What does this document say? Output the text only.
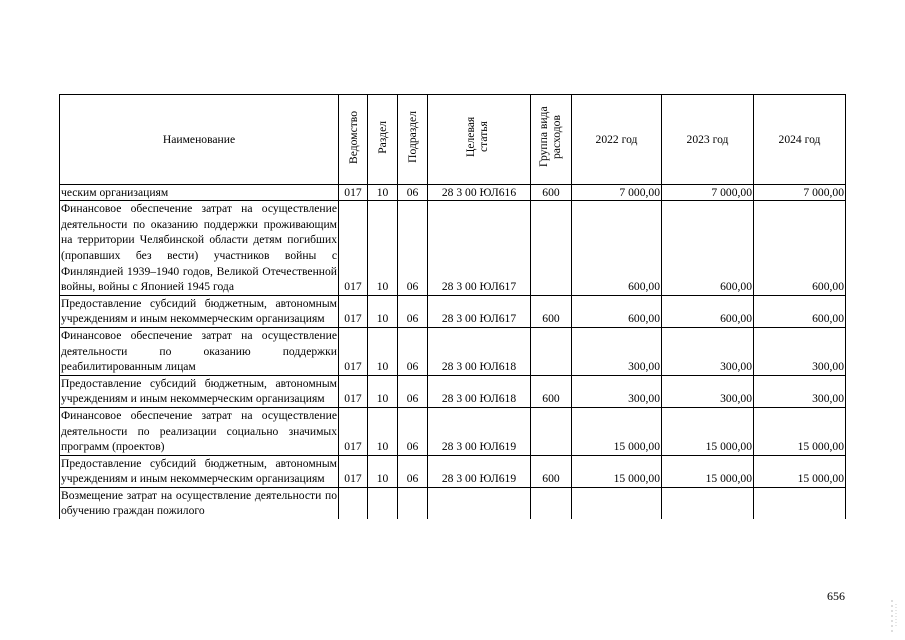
Наименование	Ведомство	Раздел	Подраздел	Целевая статья	Группа вида расходов	2022 год	2023 год	2024 год
ческим организациям	017	10	06	28 3 00 ЮЛ616	600	7 000,00	7 000,00	7 000,00
Финансовое обеспечение затрат на осуществление деятельности по оказанию поддержки проживающим на территории Челябинской области детям погибших (пропавших без вести) участников войны с Финляндией 1939–1940 годов, Великой Отечественной войны, войны с Японией 1945 года	017	10	06	28 3 00 ЮЛ617		600,00	600,00	600,00
Предоставление субсидий бюджетным, автономным учреждениям и иным некоммерческим организациям	017	10	06	28 3 00 ЮЛ617	600	600,00	600,00	600,00
Финансовое обеспечение затрат на осуществление деятельности по оказанию поддержки реабилитированным лицам	017	10	06	28 3 00 ЮЛ618		300,00	300,00	300,00
Предоставление субсидий бюджетным, автономным учреждениям и иным некоммерческим организациям	017	10	06	28 3 00 ЮЛ618	600	300,00	300,00	300,00
Финансовое обеспечение затрат на осуществление деятельности по реализации социально значимых программ (проектов)	017	10	06	28 3 00 ЮЛ619		15 000,00	15 000,00	15 000,00
Предоставление субсидий бюджетным, автономным учреждениям и иным некоммерческим организациям	017	10	06	28 3 00 ЮЛ619	600	15 000,00	15 000,00	15 000,00
Возмещение затрат на осуществление деятельности по обучению граждан пожилого								
656
